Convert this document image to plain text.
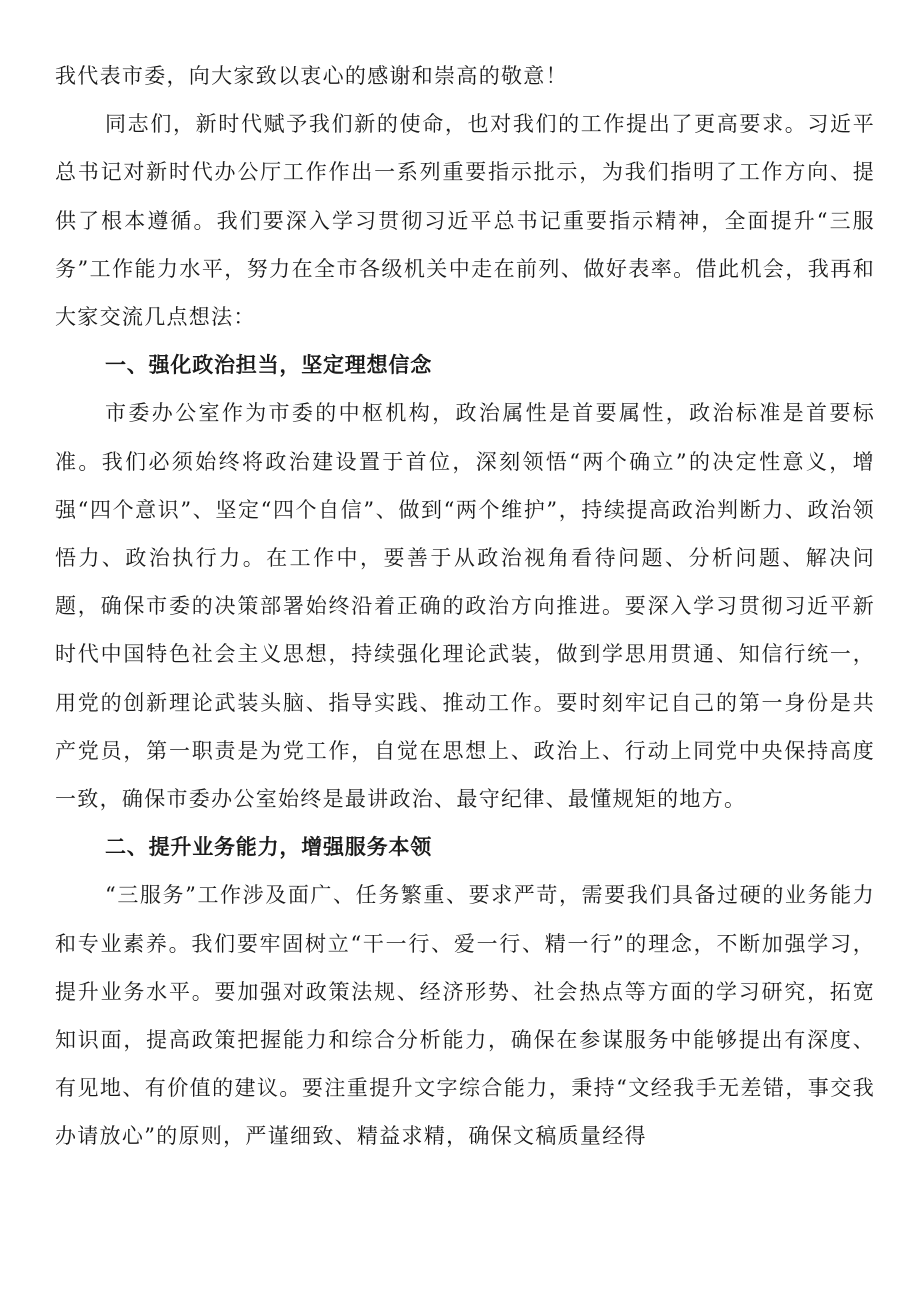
我代表市委，向大家致以衷心的感谢和崇高的敬意！

同志们，新时代赋予我们新的使命，也对我们的工作提出了更高要求。习近平总书记对新时代办公厅工作作出一系列重要指示批示，为我们指明了工作方向、提供了根本遵循。我们要深入学习贯彻习近平总书记重要指示精神，全面提升“三服务”工作能力水平，努力在全市各级机关中走在前列、做好表率。借此机会，我再和大家交流几点想法：

一、强化政治担当，坚定理想信念

市委办公室作为市委的中枢机构，政治属性是首要属性，政治标准是首要标准。我们必须始终将政治建设置于首位，深刻领悟“两个确立”的决定性意义，增强“四个意识”、坚定“四个自信”、做到“两个维护”，持续提高政治判断力、政治领悟力、政治执行力。在工作中，要善于从政治视角看待问题、分析问题、解决问题，确保市委的决策部署始终沿着正确的政治方向推进。要深入学习贯彻习近平新时代中国特色社会主义思想，持续强化理论武装，做到学思用贯通、知信行统一，用党的创新理论武装头脑、指导实践、推动工作。要时刻牢记自己的第一身份是共产党员，第一职责是为党工作，自觉在思想上、政治上、行动上同党中央保持高度一致，确保市委办公室始终是最讲政治、最守纪律、最懂规矩的地方。

二、提升业务能力，增强服务本领

“三服务”工作涉及面广、任务繁重、要求严苛，需要我们具备过硬的业务能力和专业素养。我们要牢固树立“干一行、爱一行、精一行”的理念，不断加强学习，提升业务水平。要加强对政策法规、经济形势、社会热点等方面的学习研究，拓宽知识面，提高政策把握能力和综合分析能力，确保在参谋服务中能够提出有深度、有见地、有价值的建议。要注重提升文字综合能力，秉持“文经我手无差错，事交我办请放心”的原则，严谨细致、精益求精，确保文稿质量经得
